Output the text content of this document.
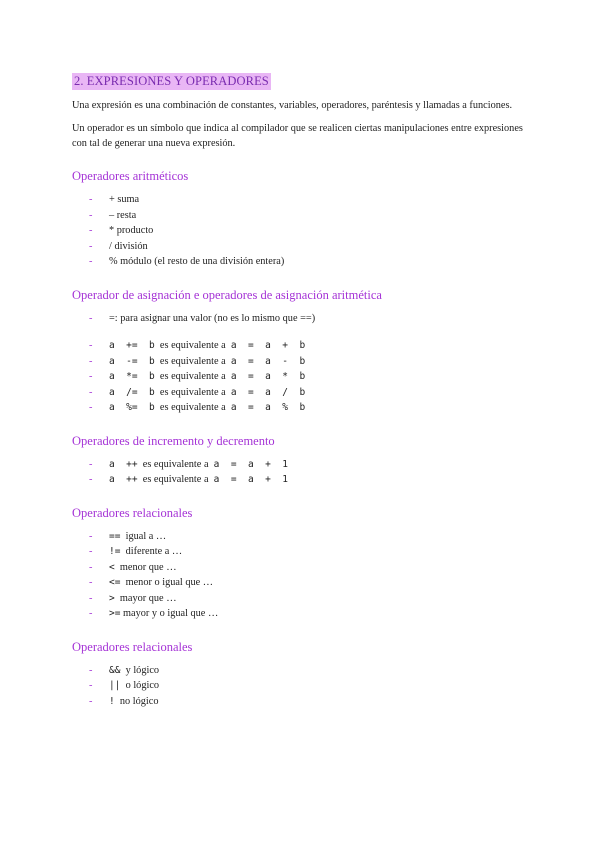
2. EXPRESIONES Y OPERADORES

Una expresión es una combinación de constantes, variables, operadores, paréntesis y llamadas a funciones.

Un operador es un símbolo que indica al compilador que se realicen ciertas manipulaciones entre expresiones con tal de generar una nueva expresión.

Operadores aritméticos
- + suma
- – resta
- * producto
- / división
- % módulo (el resto de una división entera)
Operador de asignación e operadores de asignación aritmética
- =: para asignar una valor (no es lo mismo que ==)
- a  +=  b  es equivalente a  a  =  a  +  b
- a  -=  b  es equivalente a  a  =  a  -  b
- a  *=  b  es equivalente a  a  =  a  *  b
- a  /=  b  es equivalente a  a  =  a  /  b
- a  %=  b  es equivalente a  a  =  a  %  b
Operadores de incremento y decremento
- a  ++  es equivalente a  a  =  a  +  1
- a  ++  es equivalente a  a  =  a  +  1
Operadores relacionales
- ==  igual a …
- !=  diferente a …
- <  menor que …
- <=  menor o igual que …
- >  mayor que …
- >= mayor y o igual que …
Operadores relacionales
- &&  y lógico
- ||  o lógico
- !  no lógico
